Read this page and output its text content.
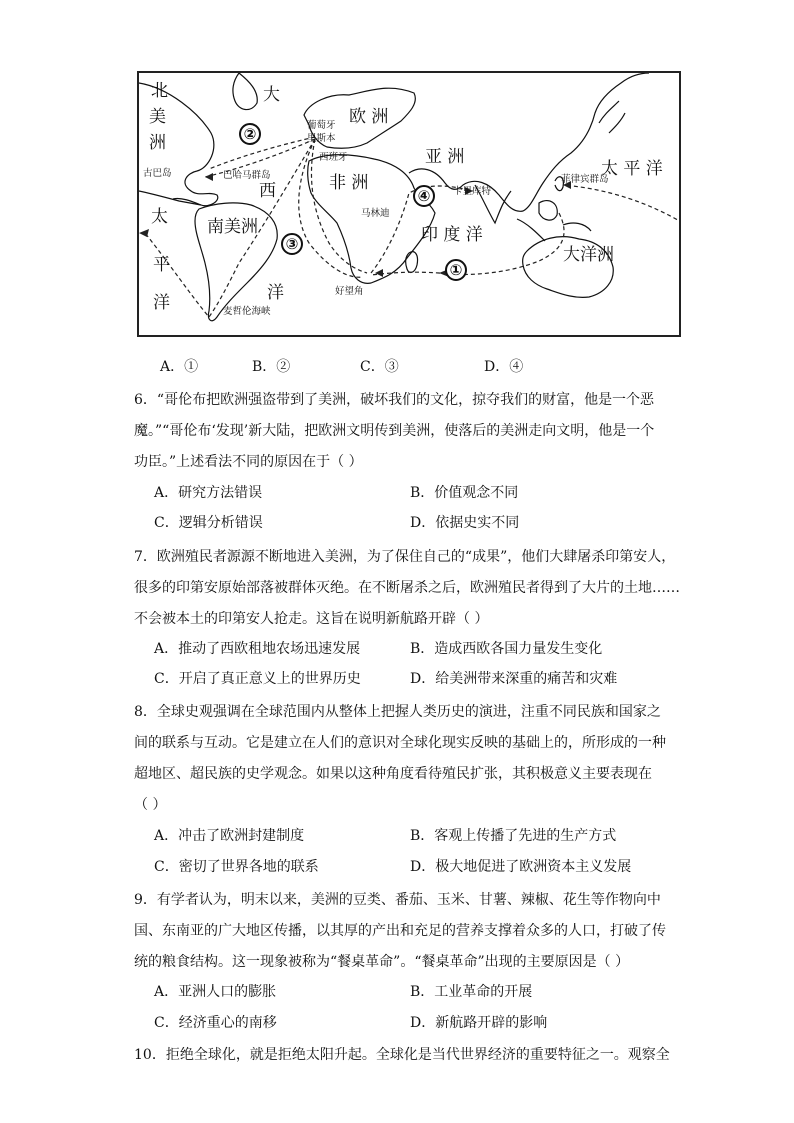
北
美
洲
大
欧 洲
葡萄牙
里斯本
西班牙
古巴岛	巴哈马群岛
西	非 洲
亚 洲
卡里库特
菲律宾群岛
太 平 洋
马林迪
印 度 洋
大洋洲
南美洲
太
平
洋	洋	好望角
麦哲伦海峡
①
②
③
④
A．①	B．②	C．③	D．④
6．“哥伦布把欧洲强盗带到了美洲，破坏我们的文化，掠夺我们的财富，他是一个恶
魔。”“哥伦布‘发现’新大陆，把欧洲文明传到美洲，使落后的美洲走向文明，他是一个
功臣。”上述看法不同的原因在于（ ）
A．研究方法错误	B．价值观念不同
C．逻辑分析错误	D．依据史实不同
7．欧洲殖民者源源不断地进入美洲，为了保住自己的“成果”，他们大肆屠杀印第安人，
很多的印第安原始部落被群体灭绝。在不断屠杀之后，欧洲殖民者得到了大片的土地……
不会被本土的印第安人抢走。这旨在说明新航路开辟（ ）
A．推动了西欧租地农场迅速发展	B．造成西欧各国力量发生变化
C．开启了真正意义上的世界历史	D．给美洲带来深重的痛苦和灾难
8．全球史观强调在全球范围内从整体上把握人类历史的演进，注重不同民族和国家之
间的联系与互动。它是建立在人们的意识对全球化现实反映的基础上的，所形成的一种
超地区、超民族的史学观念。如果以这种角度看待殖民扩张，其积极意义主要表现在
（ ）
A．冲击了欧洲封建制度	B．客观上传播了先进的生产方式
C．密切了世界各地的联系	D．极大地促进了欧洲资本主义发展
9．有学者认为，明末以来，美洲的豆类、番茄、玉米、甘薯、辣椒、花生等作物向中
国、东南亚的广大地区传播，以其厚的产出和充足的营养支撑着众多的人口，打破了传
统的粮食结构。这一现象被称为“餐桌革命”。“餐桌革命”出现的主要原因是（ ）
A．亚洲人口的膨胀	B．工业革命的开展
C．经济重心的南移	D．新航路开辟的影响
10．拒绝全球化，就是拒绝太阳升起。全球化是当代世界经济的重要特征之一。观察全
